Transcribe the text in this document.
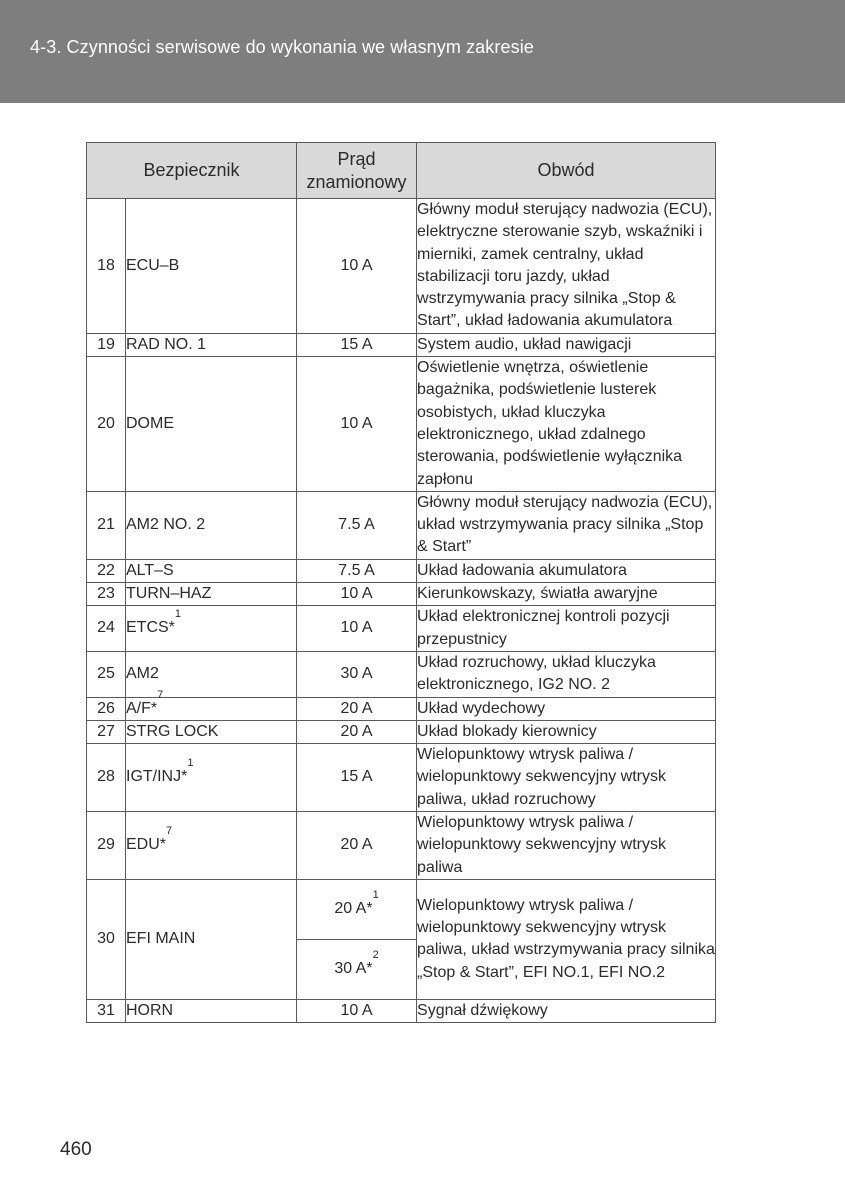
4-3. Czynności serwisowe do wykonania we własnym zakresie
Bezpiecznik		Prąd znamionowy	Obwód
18	ECU–B	10 A	Główny moduł sterujący nadwozia (ECU), elektryczne sterowanie szyb, wskaźniki i mierniki, zamek centralny, układ stabilizacji toru jazdy, układ wstrzymywania pracy silnika „Stop & Start”, układ ładowania akumulatora
19	RAD NO. 1	15 A	System audio, układ nawigacji
20	DOME	10 A	Oświetlenie wnętrza, oświetlenie bagażnika, podświetlenie lusterek osobistych, układ kluczyka elektronicznego, układ zdalnego sterowania, podświetlenie wyłącznika zapłonu
21	AM2 NO. 2	7.5 A	Główny moduł sterujący nadwozia (ECU), układ wstrzymywania pracy silnika „Stop & Start”
22	ALT–S	7.5 A	Układ ładowania akumulatora
23	TURN–HAZ	10 A	Kierunkowskazy, światła awaryjne
24	ETCS*$^1$	10 A	Układ elektronicznej kontroli pozycji przepustnicy
25	AM2	30 A	Układ rozruchowy, układ kluczyka elektronicznego, IG2 NO. 2
26	A/F*$^7$	20 A	Układ wydechowy
27	STRG LOCK	20 A	Układ blokady kierownicy
28	IGT/INJ*$^1$	15 A	Wielopunktowy wtrysk paliwa / wielopunktowy sekwencyjny wtrysk paliwa, układ rozruchowy
29	EDU*$^7$	20 A	Wielopunktowy wtrysk paliwa / wielopunktowy sekwencyjny wtrysk paliwa
30	EFI MAIN	20 A*$^1$	Wielopunktowy wtrysk paliwa / wielopunktowy sekwencyjny wtrysk paliwa, układ wstrzymywania pracy silnika „Stop & Start”, EFI NO.1, EFI NO.2
		30 A*$^2$
31	HORN	10 A	Sygnał dźwiękowy
460
